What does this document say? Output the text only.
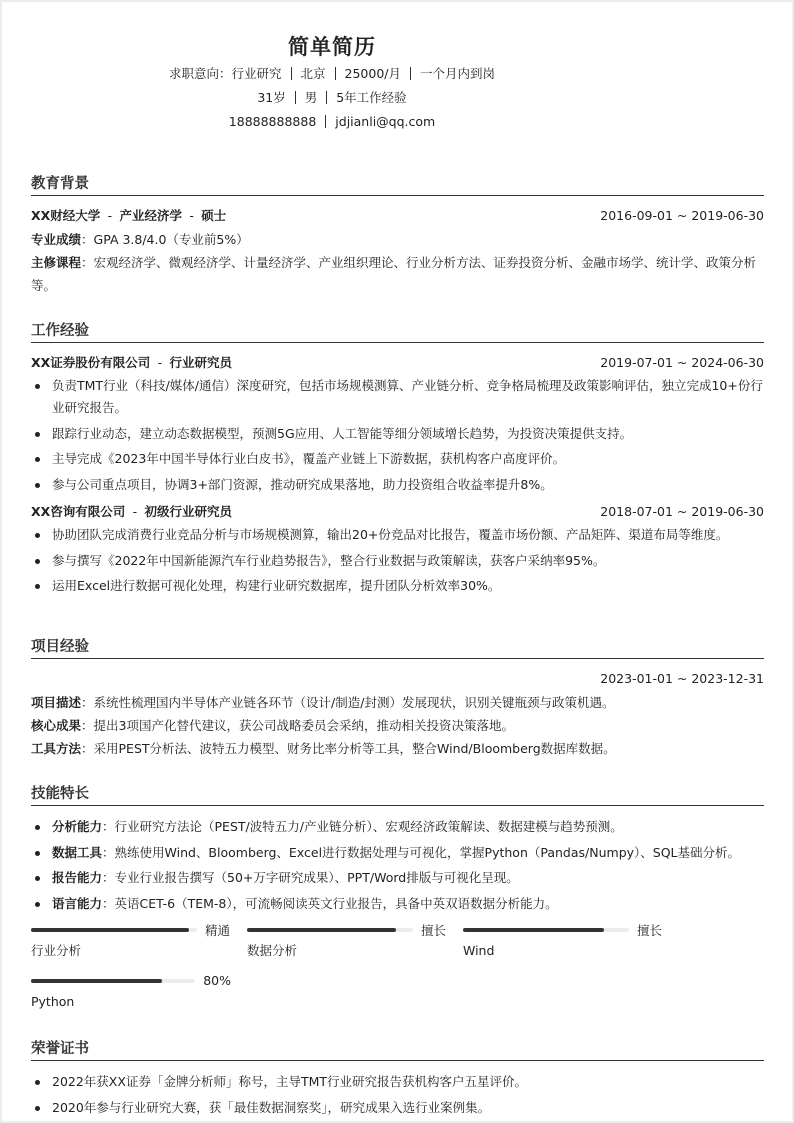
简单简历
求职意向：行业研究 北京 25000/月 一个月内到岗
31岁 男 5年工作经验
18888888888 jdjianli@qq.com
教育背景
XX财经大学 - 产业经济学 - 硕士	2016-09-01 ~ 2019-06-30
专业成绩：GPA 3.8/4.0（专业前5%）
主修课程：宏观经济学、微观经济学、计量经济学、产业组织理论、行业分析方法、证券投资分析、金融市场学、统计学、政策分析等。
工作经验
XX证券股份有限公司 - 行业研究员	2019-07-01 ~ 2024-06-30
负责TMT行业（科技/媒体/通信）深度研究，包括市场规模测算、产业链分析、竞争格局梳理及政策影响评估，独立完成10+份行业研究报告。
跟踪行业动态，建立动态数据模型，预测5G应用、人工智能等细分领域增长趋势，为投资决策提供支持。
主导完成《2023年中国半导体行业白皮书》，覆盖产业链上下游数据，获机构客户高度评价。
参与公司重点项目，协调3+部门资源，推动研究成果落地，助力投资组合收益率提升8%。
XX咨询有限公司 - 初级行业研究员	2018-07-01 ~ 2019-06-30
协助团队完成消费行业竞品分析与市场规模测算，输出20+份竞品对比报告，覆盖市场份额、产品矩阵、渠道布局等维度。
参与撰写《2022年中国新能源汽车行业趋势报告》，整合行业数据与政策解读，获客户采纳率95%。
运用Excel进行数据可视化处理，构建行业研究数据库，提升团队分析效率30%。
项目经验
2023-01-01 ~ 2023-12-31
项目描述：系统性梳理国内半导体产业链各环节（设计/制造/封测）发展现状，识别关键瓶颈与政策机遇。
核心成果：提出3项国产化替代建议，获公司战略委员会采纳，推动相关投资决策落地。
工具方法：采用PEST分析法、波特五力模型、财务比率分析等工具，整合Wind/Bloomberg数据库数据。
技能特长
分析能力：行业研究方法论（PEST/波特五力/产业链分析）、宏观经济政策解读、数据建模与趋势预测。
数据工具：熟练使用Wind、Bloomberg、Excel进行数据处理与可视化，掌握Python（Pandas/Numpy）、SQL基础分析。
报告能力：专业行业报告撰写（50+万字研究成果）、PPT/Word排版与可视化呈现。
语言能力：英语CET-6（TEM-8），可流畅阅读英文行业报告，具备中英双语数据分析能力。
精通
行业分析
擅长
数据分析
擅长
Wind
80%
Python
荣誉证书
2022年获XX证券「金牌分析师」称号，主导TMT行业研究报告获机构客户五星评价。
2020年参与行业研究大赛，获「最佳数据洞察奖」，研究成果入选行业案例集。
